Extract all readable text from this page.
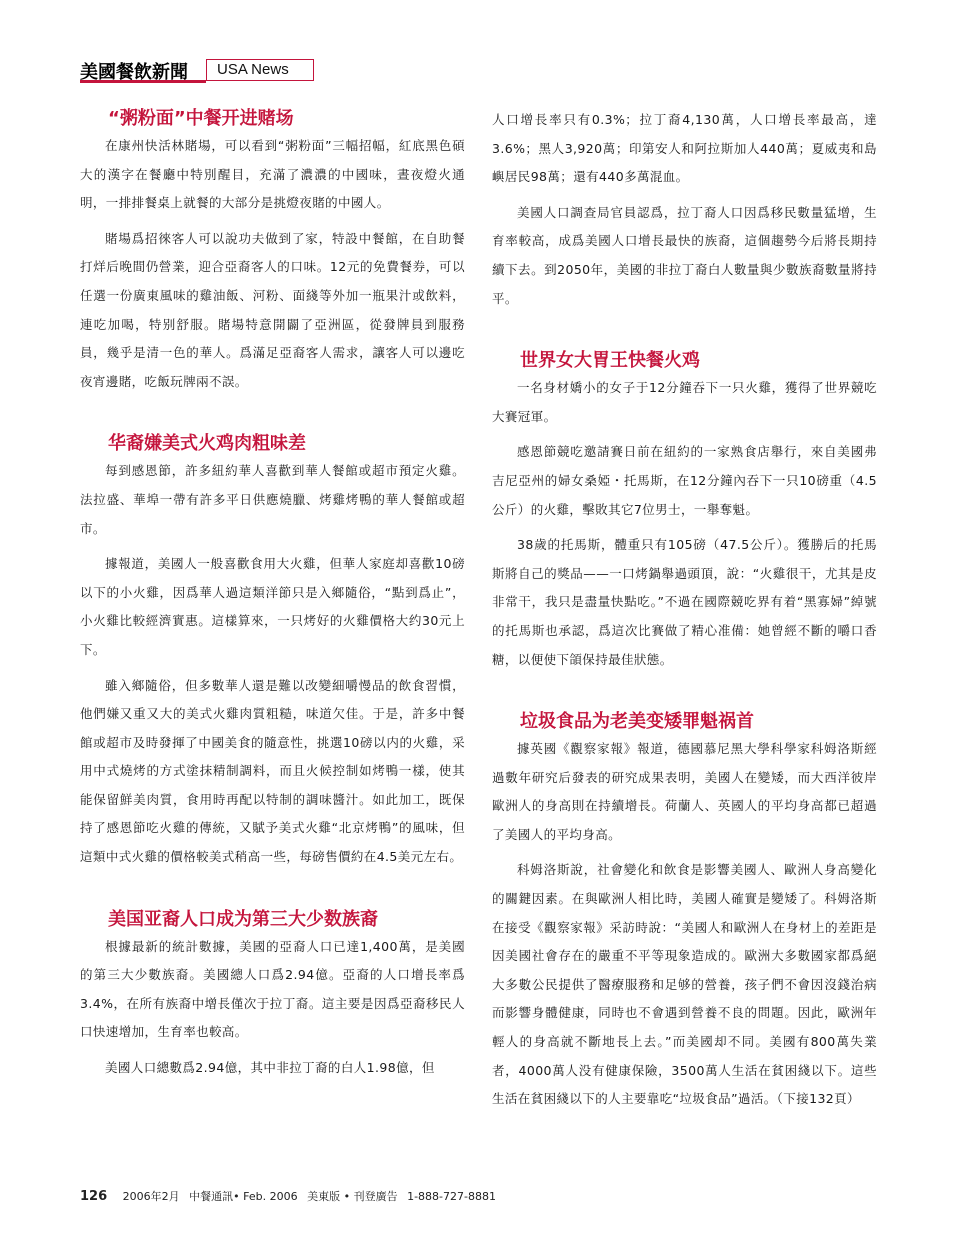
美國餐飲新聞	USA News
“粥粉面”中餐开进赌场

在康州快活林賭場，可以看到“粥粉面”三幅招幅，紅底黑色碩大的漢字在餐廳中特別醒目，充滿了濃濃的中國味，晝夜燈火通明，一排排餐桌上就餐的大部分是挑燈夜賭的中國人。

賭場爲招徠客人可以說功夫做到了家，特設中餐館，在自助餐打烊后晚間仍營業，迎合亞裔客人的口味。12元的免費餐券，可以任選一份廣東風味的雞油飯、河粉、面綫等外加一瓶果汁或飲料，連吃加喝，特别舒服。賭場特意開闢了亞洲區，從發牌員到服務員，幾乎是清一色的華人。爲滿足亞裔客人需求，讓客人可以邊吃夜宵邊賭，吃飯玩牌兩不誤。

华裔嫌美式火鸡肉粗味差

每到感恩節，許多紐約華人喜歡到華人餐館或超市預定火雞。法拉盛、華埠一帶有許多平日供應燒臘、烤雞烤鴨的華人餐館或超市。

據報道，美國人一般喜歡食用大火雞，但華人家庭却喜歡10磅以下的小火雞，因爲華人過這類洋節只是入鄉隨俗，“點到爲止”，小火雞比較經濟實惠。這樣算來，一只烤好的火雞價格大约30元上下。

雖入鄉隨俗，但多數華人還是難以改變細嚼慢品的飲食習慣，他們嫌又重又大的美式火雞肉質粗糙，味道欠佳。于是，許多中餐館或超市及時發揮了中國美食的隨意性，挑選10磅以内的火雞，采用中式燒烤的方式塗抹精制調料，而且火候控制如烤鴨一樣，使其能保留鮮美肉質，食用時再配以特制的調味醬汁。如此加工，既保持了感恩節吃火雞的傳統，又賦予美式火雞“北京烤鴨”的風味，但這類中式火雞的價格較美式稍高一些，每磅售價約在4.5美元左右。

美国亚裔人口成为第三大少数族裔

根據最新的統計數據，美國的亞裔人口已達1,400萬，是美國的第三大少數族裔。美國總人口爲2.94億。亞裔的人口增長率爲3.4%，在所有族裔中增長僅次于拉丁裔。這主要是因爲亞裔移民人口快速增加，生育率也較高。

美國人口總數爲2.94億，其中非拉丁裔的白人1.98億，但

人口增長率只有0.3%；拉丁裔4,130萬，人口增長率最高，達3.6%；黑人3,920萬；印第安人和阿拉斯加人440萬；夏威夷和島嶼居民98萬；還有440多萬混血。

美國人口調查局官員認爲，拉丁裔人口因爲移民數量猛增，生育率較高，成爲美國人口增長最快的族裔，這個趨勢今后將長期持續下去。到2050年，美國的非拉丁裔白人數量與少數族裔數量將持平。

世界女大胃王快餐火鸡

一名身材嬌小的女子于12分鐘吞下一只火雞，獲得了世界競吃大賽冠軍。

感恩節競吃邀請賽日前在紐約的一家熟食店舉行，來自美國弗吉尼亞州的婦女桑婭・托馬斯，在12分鐘內吞下一只10磅重（4.5公斤）的火雞，擊敗其它7位男士，一舉奪魁。

38歲的托馬斯，體重只有105磅（47.5公斤）。獲勝后的托馬斯將自己的獎品——一口烤鍋舉過頭頂，說：“火雞很干，尤其是皮非常干，我只是盡量快點吃。”不過在國際競吃界有着“黑寡婦”綽號的托馬斯也承認，爲這次比賽做了精心准備：她曾經不斷的嚼口香糖，以便使下頜保持最佳狀態。

垃圾食品为老美变矮罪魁祸首

據英國《觀察家報》報道，德國慕尼黑大學科學家科姆洛斯經過數年研究后發表的研究成果表明，美國人在變矮，而大西洋彼岸歐洲人的身高則在持續增長。荷蘭人、英國人的平均身高都已超過了美國人的平均身高。

科姆洛斯說，社會變化和飲食是影響美國人、歐洲人身高變化的關鍵因素。在與歐洲人相比時，美國人確實是變矮了。科姆洛斯在接受《觀察家報》采訪時說：“美國人和歐洲人在身材上的差距是因美國社會存在的嚴重不平等現象造成的。歐洲大多數國家都爲絕大多數公民提供了醫療服務和足够的營養，孩子們不會因沒錢治病而影響身體健康，同時也不會遇到營養不良的問題。因此，歐洲年輕人的身高就不斷地長上去。”而美國却不同。美國有800萬失業者，4000萬人没有健康保險，3500萬人生活在貧困綫以下。這些生活在貧困綫以下的人主要靠吃“垃圾食品”過活。（下接132頁）

126 2006年2月 中餐通訊• Feb. 2006 美東版 • 刊登廣告 1-888-727-8881
